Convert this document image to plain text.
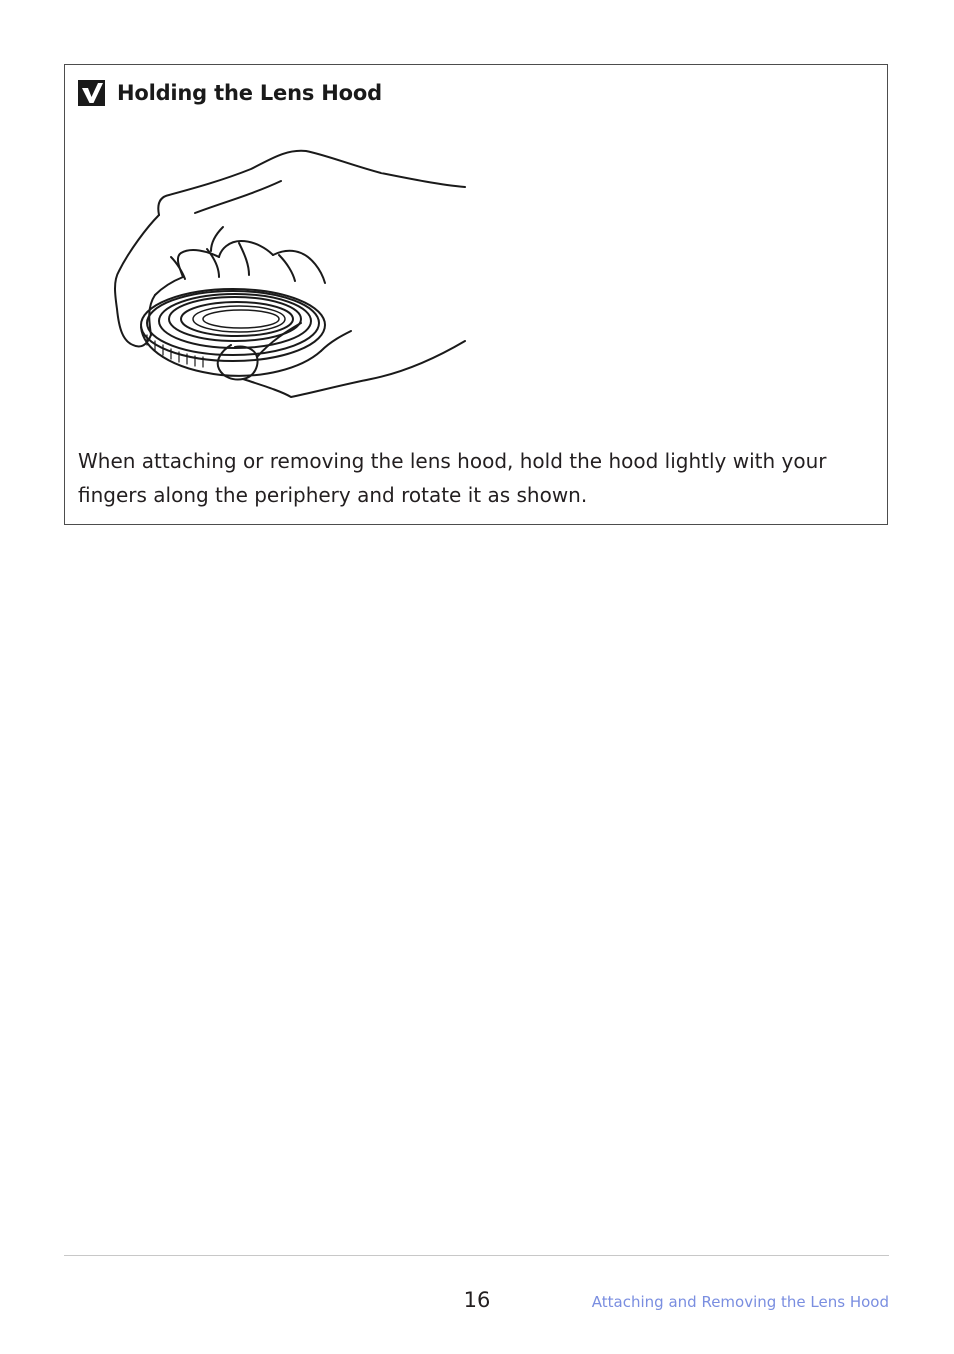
Holding the Lens Hood

When attaching or removing the lens hood, hold the hood lightly with your fingers along the periphery and rotate it as shown.

16	Attaching and Removing the Lens Hood
